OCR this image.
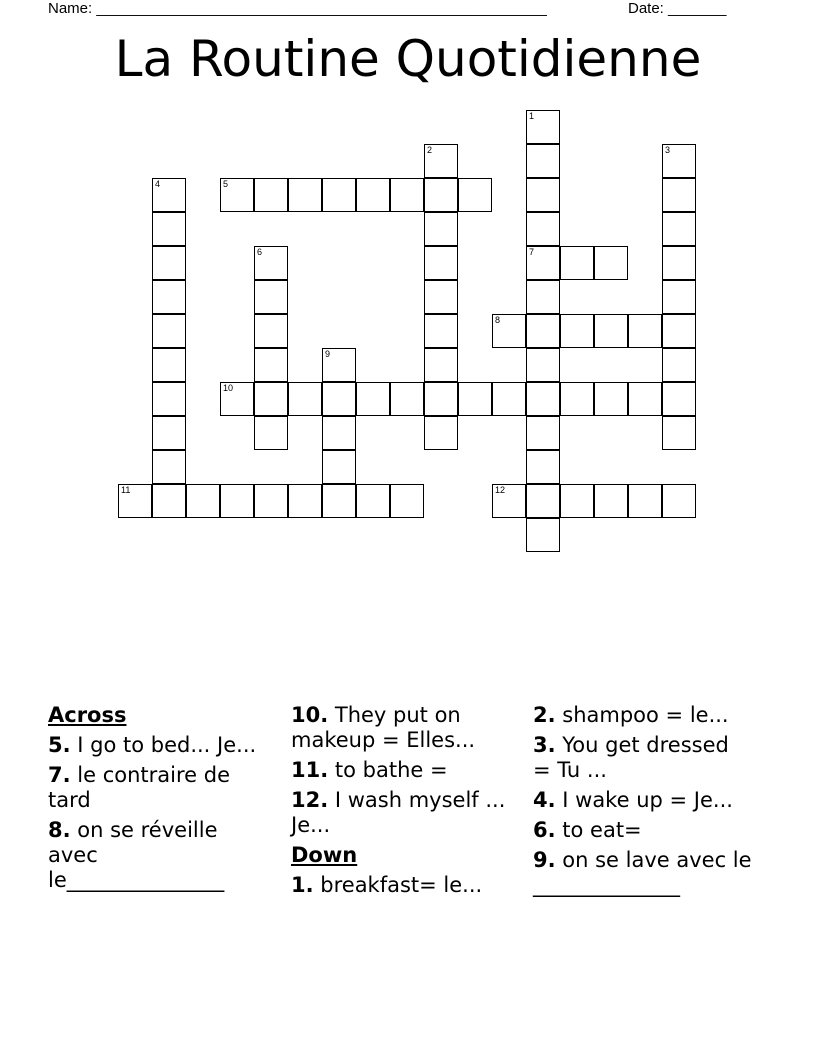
Name: ______________________________________________________	Date: _______
La Routine Quotidienne
1
7
2	3
4	5
6
8
9
10
11	12
Across
5. I go to bed... Je...
7. le contraire de tard
8. on se réveille avec le_______________
10. They put on makeup = Elles...
11. to bathe =
12. I wash myself ... Je...
Down
1. breakfast= le...
2. shampoo = le...
3. You get dressed = Tu ...
4. I wake up = Je...
6. to eat=
9. on se lave avec le ______________
